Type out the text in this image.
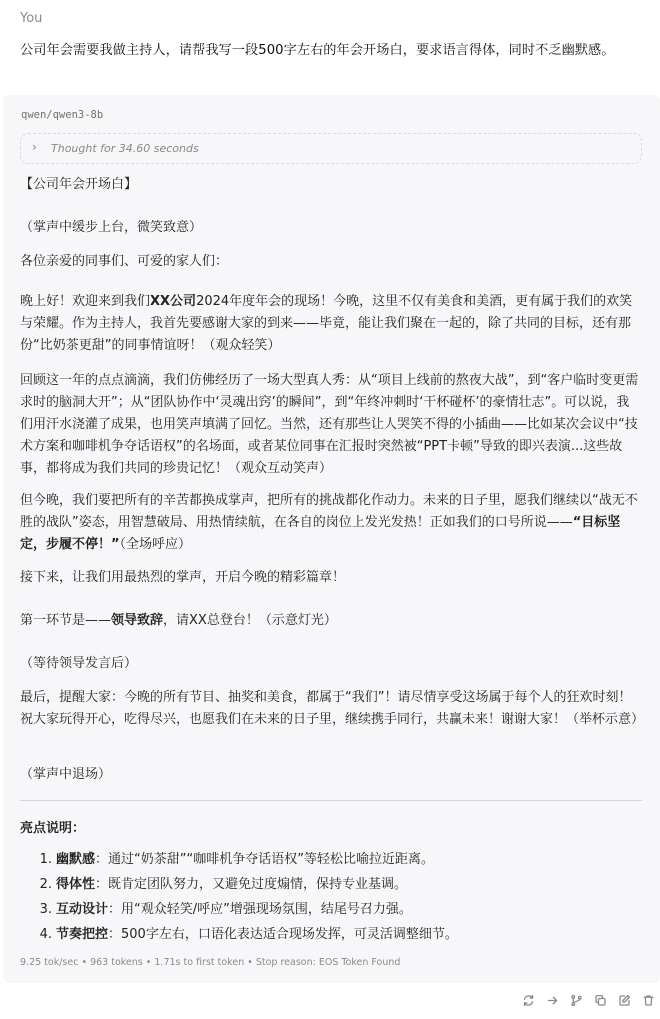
You
公司年会需要我做主持人，请帮我写一段500字左右的年会开场白，要求语言得体，同时不乏幽默感。
qwen/qwen3-8b
› Thought for 34.60 seconds

【公司年会开场白】

（掌声中缓步上台，微笑致意）

各位亲爱的同事们、可爱的家人们：

晚上好！欢迎来到我们XX公司2024年度年会的现场！今晚，这里不仅有美食和美酒，更有属于我们的欢笑与荣耀。作为主持人，我首先要感谢大家的到来——毕竟，能让我们聚在一起的，除了共同的目标，还有那份“比奶茶更甜”的同事情谊呀！（观众轻笑）

回顾这一年的点点滴滴，我们仿佛经历了一场大型真人秀：从“项目上线前的熬夜大战”，到“客户临时变更需求时的脑洞大开”；从“团队协作中‘灵魂出窍’的瞬间”，到“年终冲刺时‘干杯碰杯’的豪情壮志”。可以说，我们用汗水浇灌了成果，也用笑声填满了回忆。当然，还有那些让人哭笑不得的小插曲——比如某次会议中“技术方案和咖啡机争夺话语权”的名场面，或者某位同事在汇报时突然被“PPT卡顿”导致的即兴表演...这些故事，都将成为我们共同的珍贵记忆！（观众互动笑声）

但今晚，我们要把所有的辛苦都换成掌声，把所有的挑战都化作动力。未来的日子里，愿我们继续以“战无不胜的战队”姿态，用智慧破局、用热情续航，在各自的岗位上发光发热！正如我们的口号所说——“目标坚定，步履不停！”（全场呼应）

接下来，让我们用最热烈的掌声，开启今晚的精彩篇章！

第一环节是——领导致辞，请XX总登台！（示意灯光）

（等待领导发言后）

最后，提醒大家：今晚的所有节目、抽奖和美食，都属于“我们”！请尽情享受这场属于每个人的狂欢时刻！祝大家玩得开心，吃得尽兴，也愿我们在未来的日子里，继续携手同行，共赢未来！谢谢大家！（举杯示意）

（掌声中退场）

亮点说明：
1. 幽默感：通过“奶茶甜”“咖啡机争夺话语权”等轻松比喻拉近距离。
2. 得体性：既肯定团队努力，又避免过度煽情，保持专业基调。
3. 互动设计：用“观众轻笑/呼应”增强现场氛围，结尾号召力强。
4. 节奏把控：500字左右，口语化表达适合现场发挥，可灵活调整细节。
9.25 tok/sec • 963 tokens • 1.71s to first token • Stop reason: EOS Token Found
